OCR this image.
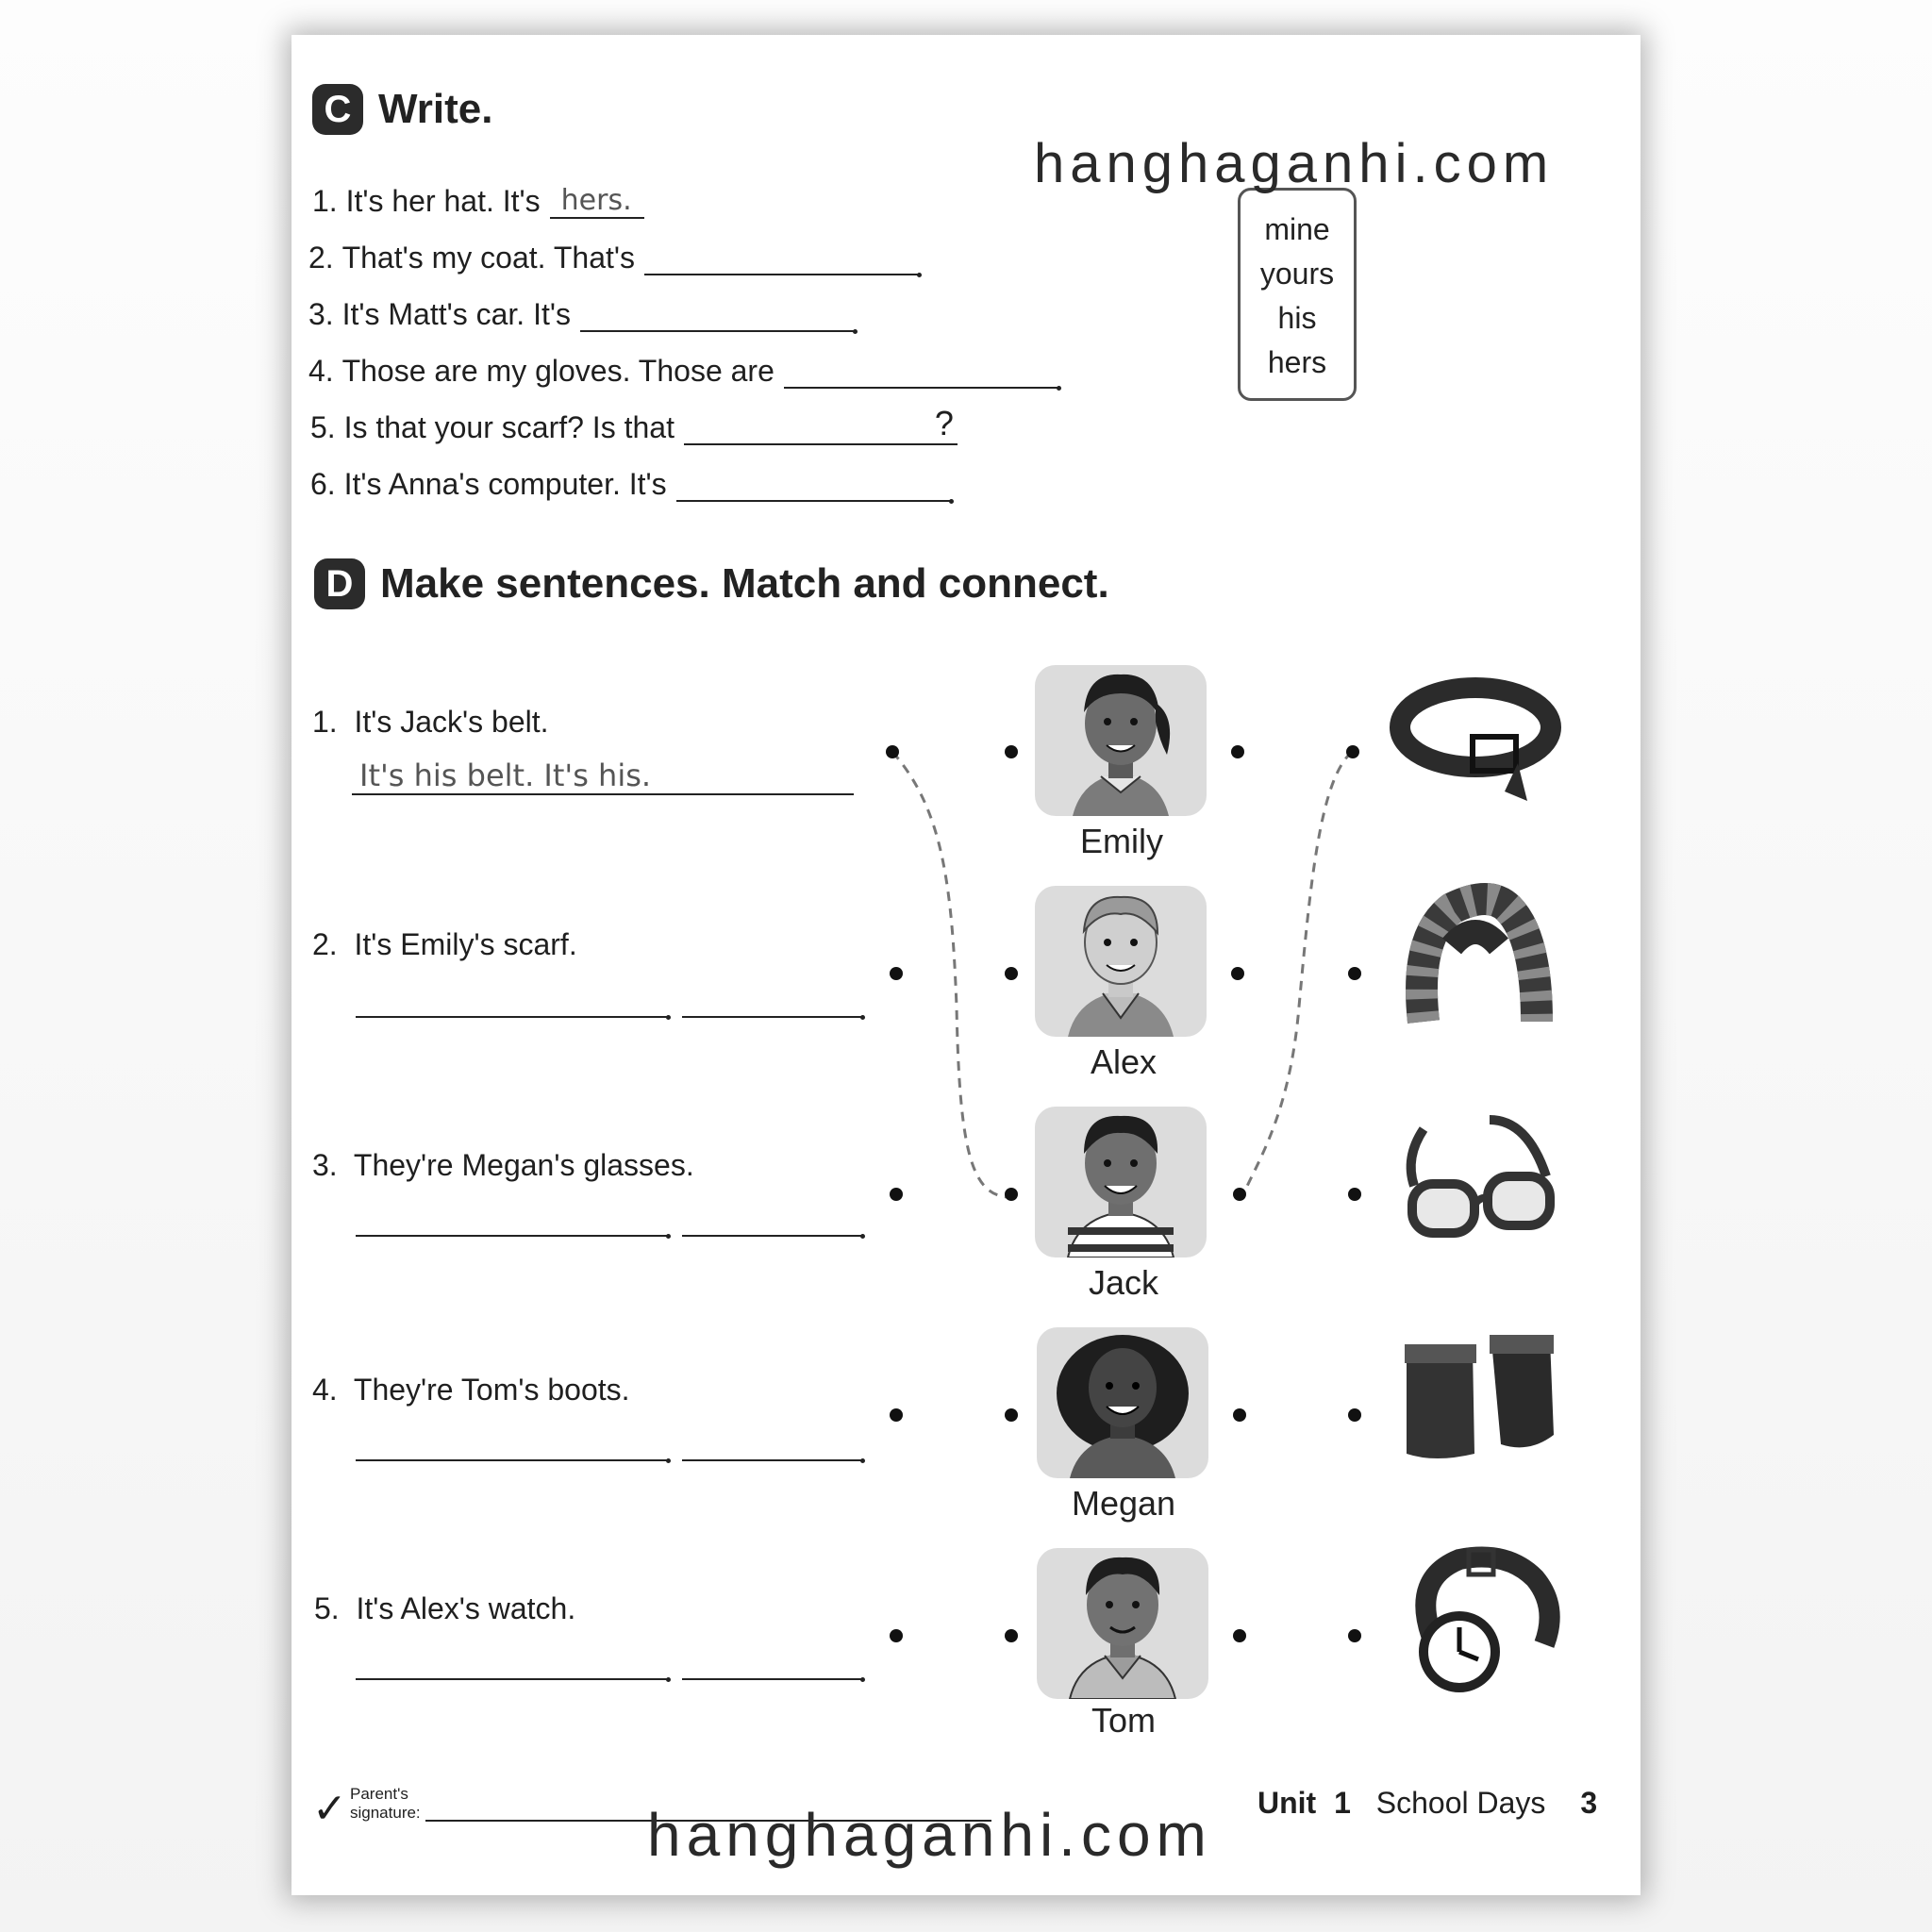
C Write.
1.
It's her hat. It's hers.
2.
That's my coat. That's
3.
It's Matt's car. It's
4.
Those are my gloves. Those are
5.
Is that your scarf? Is that	?
6.
It's Anna's computer. It's
mine
yours
his
hers
D Make sentences. Match and connect.
1. It's Jack's belt.
It's his belt. It's his.
2. It's Emily's scarf.
3. They're Megan's glasses.
4. They're Tom's boots.
5. It's Alex's watch.
Emily
Alex
Jack
Megan
Tom
✓ Parent's
signature:	Unit 1 School Days 3
hanghaganhi.com
hanghaganhi.com
